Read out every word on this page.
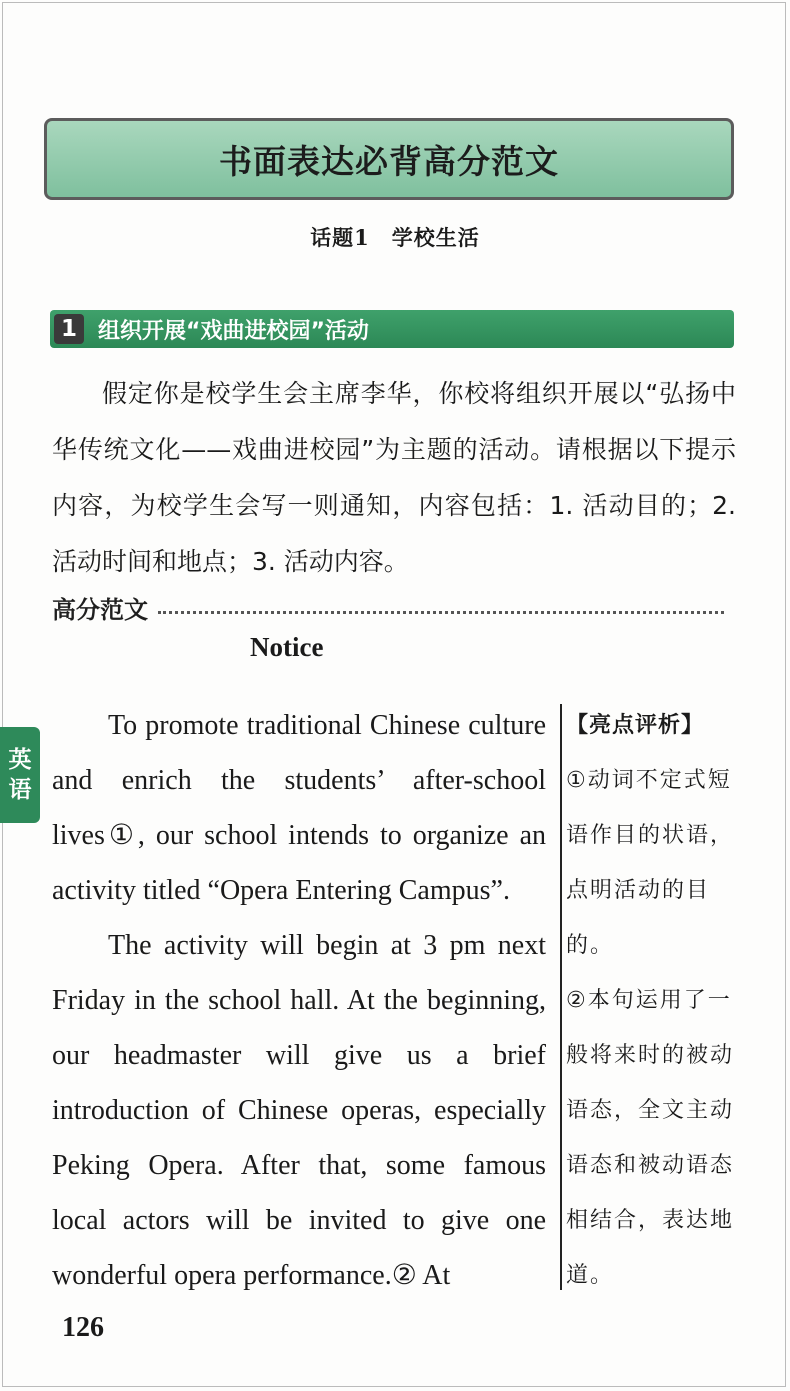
书面表达必背高分范文
话题1　学校生活
1 组织开展“戏曲进校园”活动

假定你是校学生会主席李华，你校将组织开展以“弘扬中华传统文化——戏曲进校园”为主题的活动。请根据以下提示内容，为校学生会写一则通知，内容包括：1. 活动目的；2. 活动时间和地点；3. 活动内容。

高分范文
Notice
英
语

To promote traditional Chinese culture and enrich the students’ after-school lives①, our school intends to organize an activity titled “Opera Entering Campus”.

The activity will begin at 3 pm next Friday in the school hall. At the beginning, our headmaster will give us a brief introduction of Chinese operas, especially Peking Opera. After that, some famous local actors will be invited to give one wonderful opera performance.② At

【亮点评析】

①动词不定式短语作目的状语，点明活动的目的。

②本句运用了一般将来时的被动语态，全文主动语态和被动语态相结合，表达地道。

126
